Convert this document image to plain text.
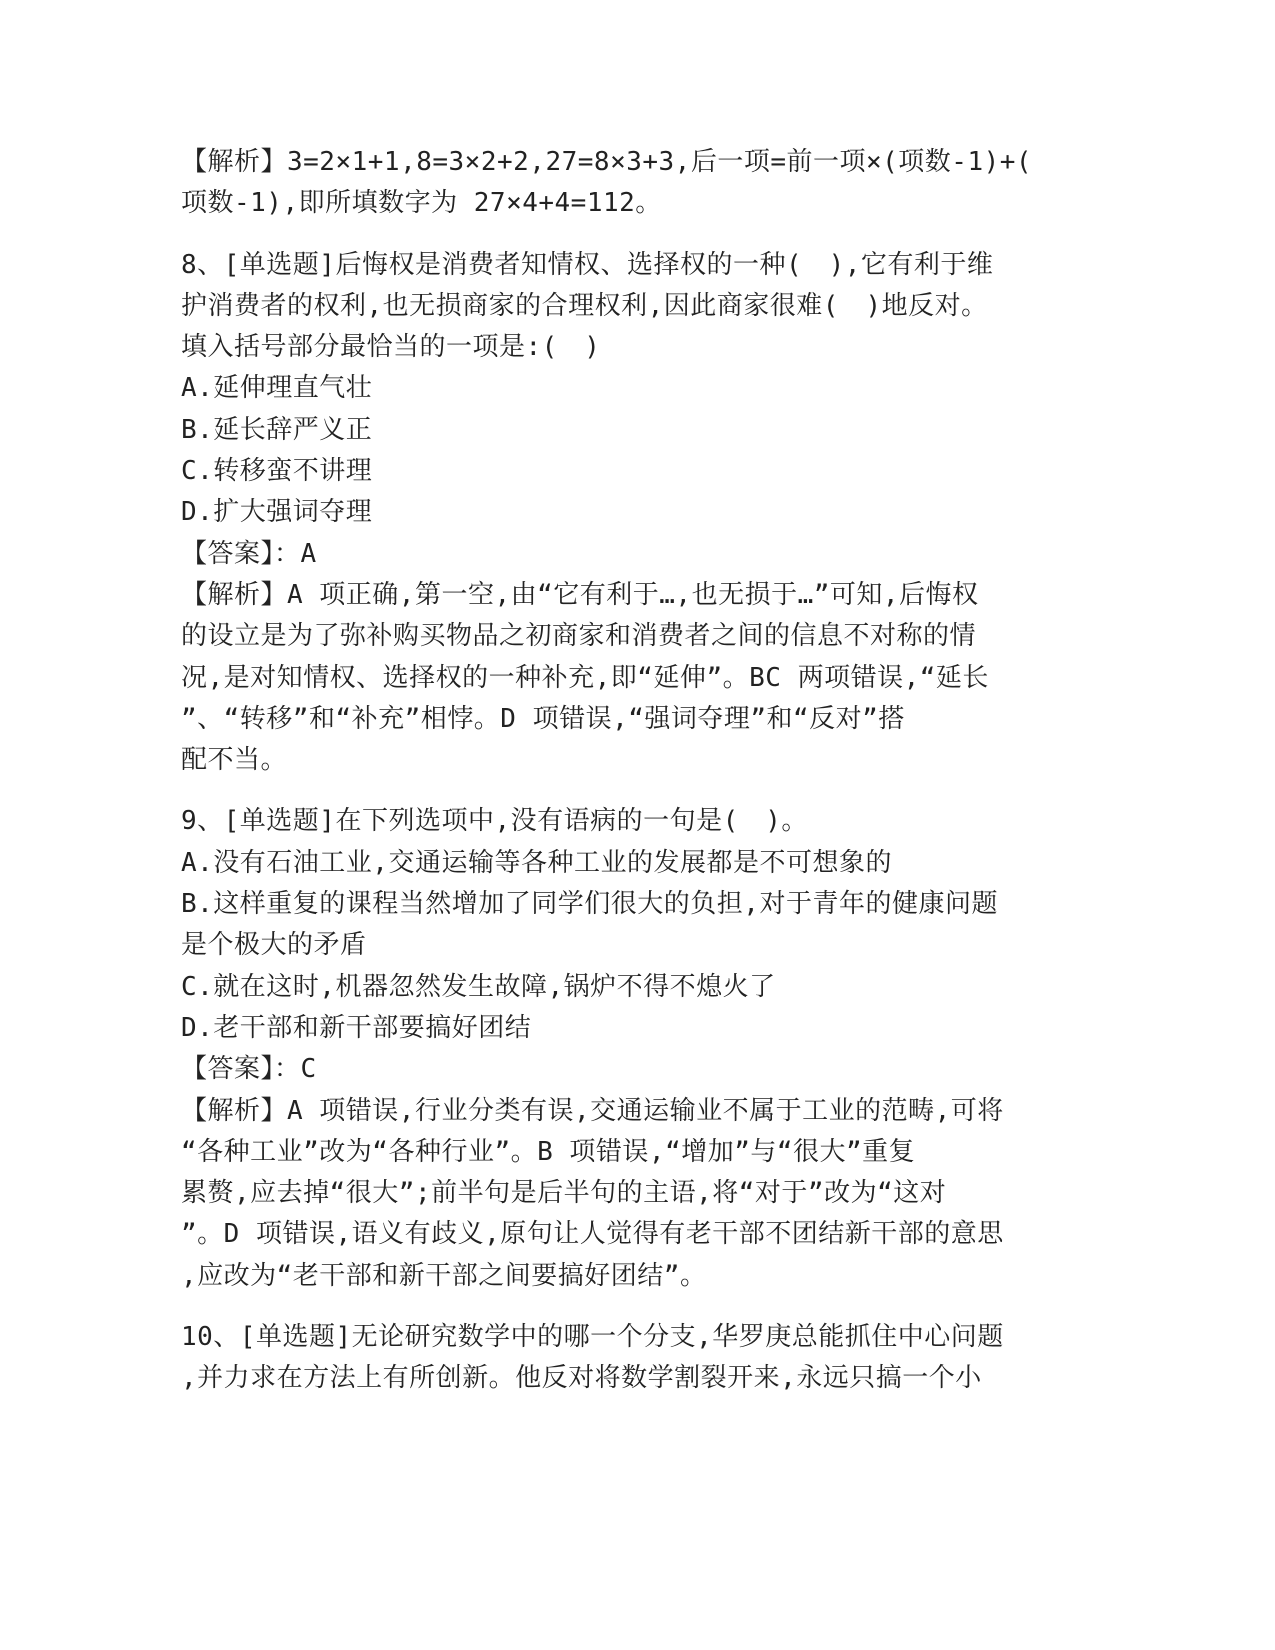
【解析】3=2×1+1,8=3×2+2,27=8×3+3,后一项=前一项×(项数-1)+(
项数-1),即所填数字为 27×4+4=112。
8、[单选题]后悔权是消费者知情权、选择权的一种(　),它有利于维
护消费者的权利,也无损商家的合理权利,因此商家很难(　)地反对。
填入括号部分最恰当的一项是:(　)
A.延伸理直气壮
B.延长辞严义正
C.转移蛮不讲理
D.扩大强词夺理
【答案】：A
【解析】A 项正确,第一空,由“它有利于…,也无损于…”可知,后悔权
的设立是为了弥补购买物品之初商家和消费者之间的信息不对称的情
况,是对知情权、选择权的一种补充,即“延伸”。BC 两项错误,“延长
”、“转移”和“补充”相悖。D 项错误,“强词夺理”和“反对”搭
配不当。
9、[单选题]在下列选项中,没有语病的一句是(　)。
A.没有石油工业,交通运输等各种工业的发展都是不可想象的
B.这样重复的课程当然增加了同学们很大的负担,对于青年的健康问题
是个极大的矛盾
C.就在这时,机器忽然发生故障,锅炉不得不熄火了
D.老干部和新干部要搞好团结
【答案】：C
【解析】A 项错误,行业分类有误,交通运输业不属于工业的范畴,可将
“各种工业”改为“各种行业”。B 项错误,“增加”与“很大”重复
累赘,应去掉“很大”;前半句是后半句的主语,将“对于”改为“这对
”。D 项错误,语义有歧义,原句让人觉得有老干部不团结新干部的意思
,应改为“老干部和新干部之间要搞好团结”。
10、[单选题]无论研究数学中的哪一个分支,华罗庚总能抓住中心问题
,并力求在方法上有所创新。他反对将数学割裂开来,永远只搞一个小
